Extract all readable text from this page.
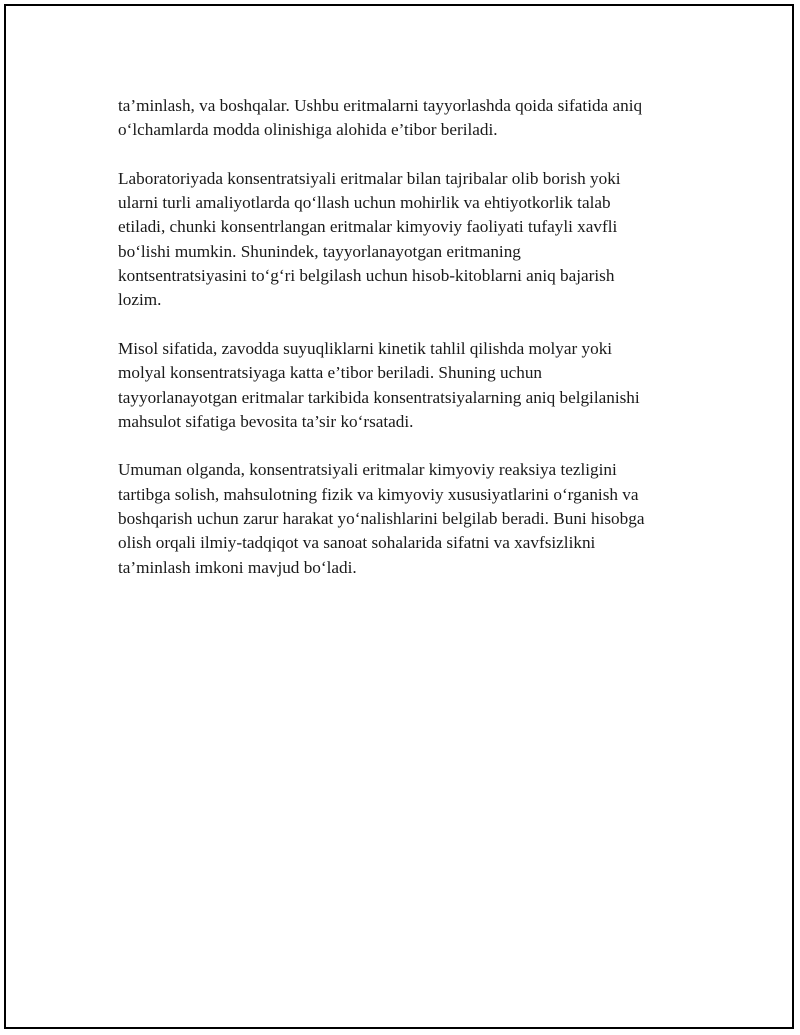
ta’minlash, va boshqalar. Ushbu eritmalarni tayyorlashda qoida sifatida aniq
o‘lchamlarda modda olinishiga alohida e’tibor beriladi.

Laboratoriyada konsentratsiyali eritmalar bilan tajribalar olib borish yoki
ularni turli amaliyotlarda qo‘llash uchun mohirlik va ehtiyotkorlik talab
etiladi, chunki konsentrlangan eritmalar kimyoviy faoliyati tufayli xavfli
bo‘lishi mumkin. Shunindek, tayyorlanayotgan eritmaning
kontsentratsiyasini to‘g‘ri belgilash uchun hisob-kitoblarni aniq bajarish
lozim.

Misol sifatida, zavodda suyuqliklarni kinetik tahlil qilishda molyar yoki
molyal konsentratsiyaga katta e’tibor beriladi. Shuning uchun
tayyorlanayotgan eritmalar tarkibida konsentratsiyalarning aniq belgilanishi
mahsulot sifatiga bevosita ta’sir ko‘rsatadi.

Umuman olganda, konsentratsiyali eritmalar kimyoviy reaksiya tezligini
tartibga solish, mahsulotning fizik va kimyoviy xususiyatlarini o‘rganish va
boshqarish uchun zarur harakat yo‘nalishlarini belgilab beradi. Buni hisobga
olish orqali ilmiy-tadqiqot va sanoat sohalarida sifatni va xavfsizlikni
ta’minlash imkoni mavjud bo‘ladi.
